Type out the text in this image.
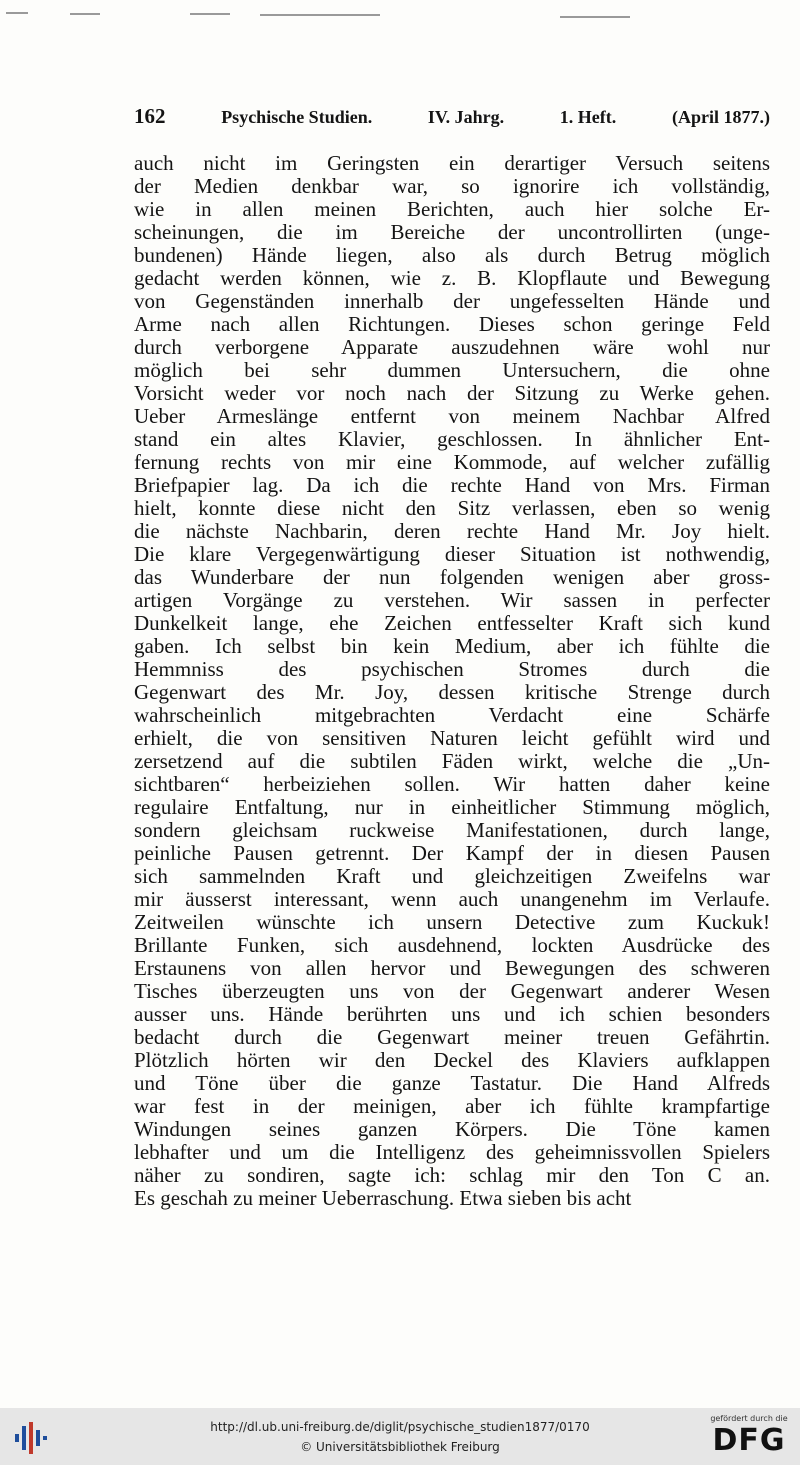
162	Psychische Studien.	IV. Jahrg.	1. Heft.	(April 1877.)
auch nicht im Geringsten ein derartiger Versuch seitens
der Medien denkbar war, so ignorire ich vollständig,
wie in allen meinen Berichten, auch hier solche Er-
scheinungen, die im Bereiche der uncontrollirten (unge-
bundenen) Hände liegen, also als durch Betrug möglich
gedacht werden können, wie z. B. Klopflaute und Bewegung
von Gegenständen innerhalb der ungefesselten Hände und
Arme nach allen Richtungen. Dieses schon geringe Feld
durch verborgene Apparate auszudehnen wäre wohl nur
möglich bei sehr dummen Untersuchern, die ohne
Vorsicht weder vor noch nach der Sitzung zu Werke gehen.
Ueber Armeslänge entfernt von meinem Nachbar Alfred
stand ein altes Klavier, geschlossen. In ähnlicher Ent-
fernung rechts von mir eine Kommode, auf welcher zufällig
Briefpapier lag. Da ich die rechte Hand von Mrs. Firman
hielt, konnte diese nicht den Sitz verlassen, eben so wenig
die nächste Nachbarin, deren rechte Hand Mr. Joy hielt.
Die klare Vergegenwärtigung dieser Situation ist nothwendig,
das Wunderbare der nun folgenden wenigen aber gross-
artigen Vorgänge zu verstehen. Wir sassen in perfecter
Dunkelkeit lange, ehe Zeichen entfesselter Kraft sich kund
gaben. Ich selbst bin kein Medium, aber ich fühlte die
Hemmniss des psychischen Stromes durch die
Gegenwart des Mr. Joy, dessen kritische Strenge durch
wahrscheinlich mitgebrachten Verdacht eine Schärfe
erhielt, die von sensitiven Naturen leicht gefühlt wird und
zersetzend auf die subtilen Fäden wirkt, welche die „Un-
sichtbaren“ herbeiziehen sollen. Wir hatten daher keine
regulaire Entfaltung, nur in einheitlicher Stimmung möglich,
sondern gleichsam ruckweise Manifestationen, durch lange,
peinliche Pausen getrennt. Der Kampf der in diesen Pausen
sich sammelnden Kraft und gleichzeitigen Zweifelns war
mir äusserst interessant, wenn auch unangenehm im Verlaufe.
Zeitweilen wünschte ich unsern Detective zum Kuckuk!
Brillante Funken, sich ausdehnend, lockten Ausdrücke des
Erstaunens von allen hervor und Bewegungen des schweren
Tisches überzeugten uns von der Gegenwart anderer Wesen
ausser uns. Hände berührten uns und ich schien besonders
bedacht durch die Gegenwart meiner treuen Gefährtin.
Plötzlich hörten wir den Deckel des Klaviers aufklappen
und Töne über die ganze Tastatur. Die Hand Alfreds
war fest in der meinigen, aber ich fühlte krampfartige
Windungen seines ganzen Körpers. Die Töne kamen
lebhafter und um die Intelligenz des geheimnissvollen Spielers
näher zu sondiren, sagte ich: schlag mir den Ton C an.
Es geschah zu meiner Ueberraschung. Etwa sieben bis acht
http://dl.ub.uni-freiburg.de/diglit/psychische_studien1877/0170
© Universitätsbibliothek Freiburg
gefördert durch die
DFG
